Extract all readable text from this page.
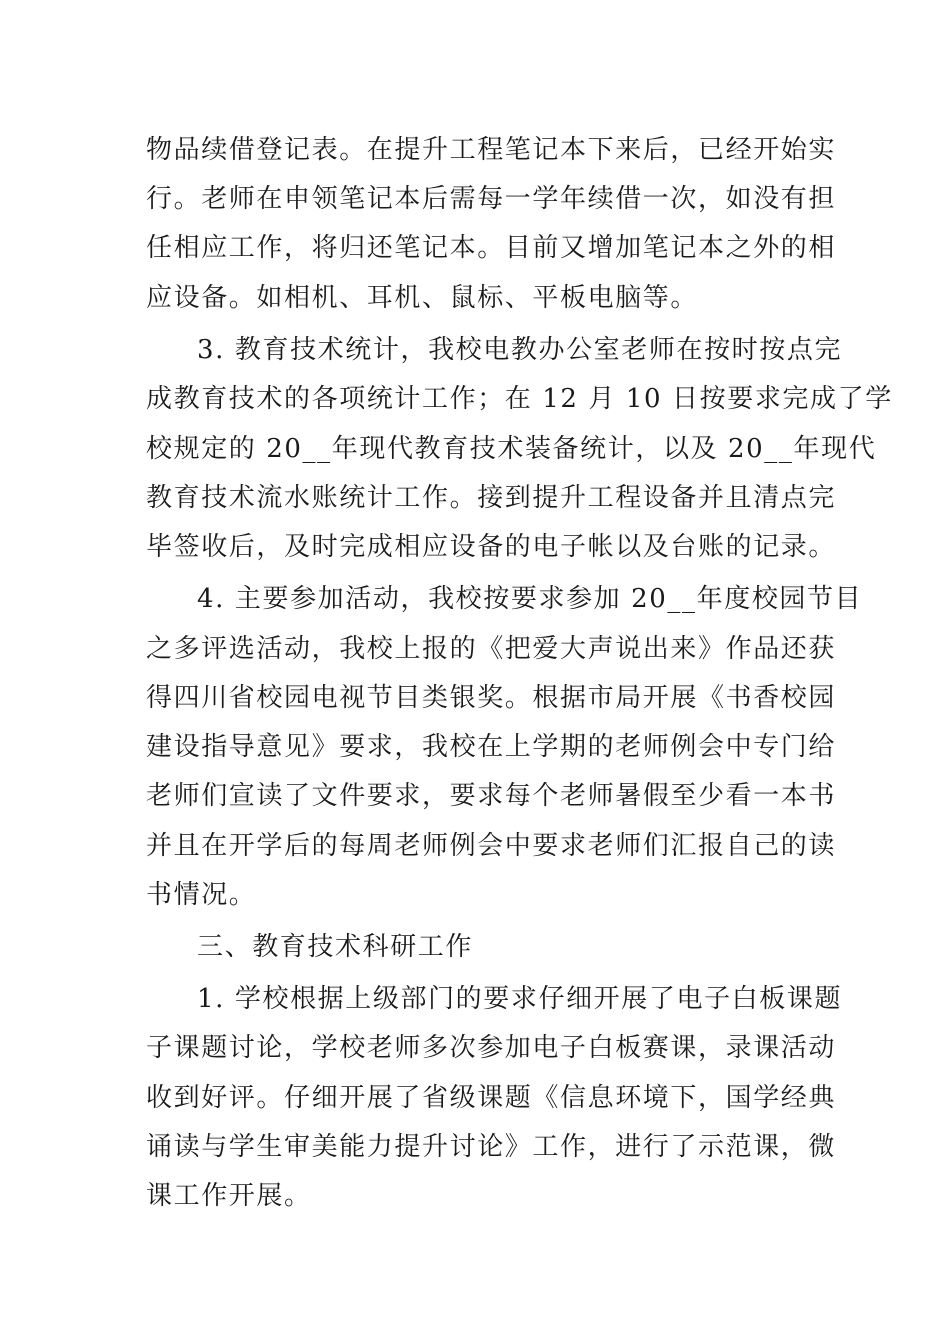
物品续借登记表。在提升工程笔记本下来后，已经开始实
行。老师在申领笔记本后需每一学年续借一次，如没有担
任相应工作，将归还笔记本。目前又增加笔记本之外的相
应设备。如相机、耳机、鼠标、平板电脑等。
3. 教育技术统计，我校电教办公室老师在按时按点完
成教育技术的各项统计工作；在 12 月 10 日按要求完成了学
校规定的 20__年现代教育技术装备统计，以及 20__年现代
教育技术流水账统计工作。接到提升工程设备并且清点完
毕签收后，及时完成相应设备的电子帐以及台账的记录。
4. 主要参加活动，我校按要求参加 20__年度校园节目
之多评选活动，我校上报的《把爱大声说出来》作品还获
得四川省校园电视节目类银奖。根据市局开展《书香校园
建设指导意见》要求，我校在上学期的老师例会中专门给
老师们宣读了文件要求，要求每个老师暑假至少看一本书
并且在开学后的每周老师例会中要求老师们汇报自己的读
书情况。
三、教育技术科研工作
1. 学校根据上级部门的要求仔细开展了电子白板课题
子课题讨论，学校老师多次参加电子白板赛课，录课活动
收到好评。仔细开展了省级课题《信息环境下，国学经典
诵读与学生审美能力提升讨论》工作，进行了示范课，微
课工作开展。
